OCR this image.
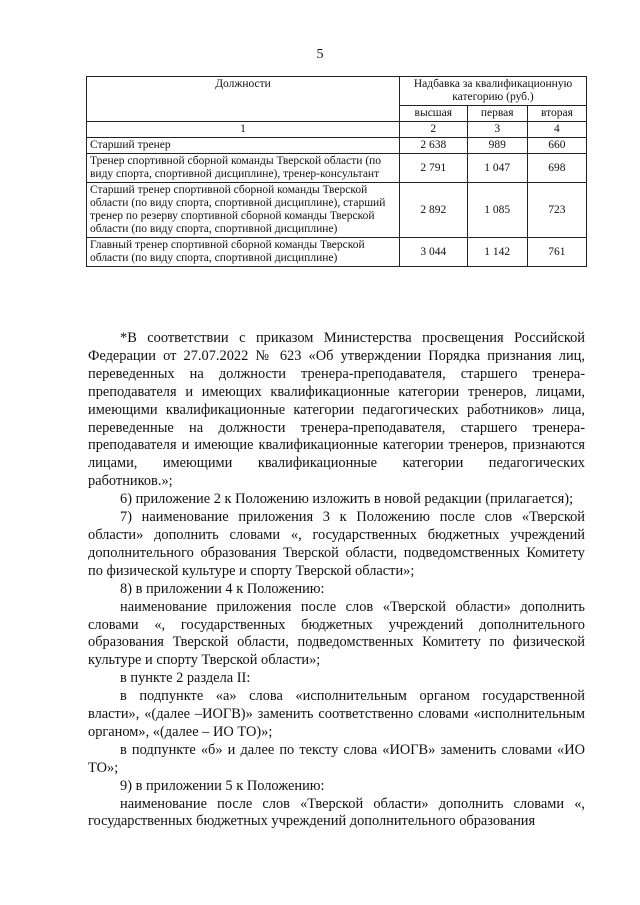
5
Должности	Надбавка за квалификационную категорию (руб.)		
	высшая	первая	вторая
1	2	3	4
Старший тренер	2 638	989	660
Тренер спортивной сборной команды Тверской области (по виду спорта, спортивной дисциплине), тренер-консультант	2 791	1 047	698
Старший тренер спортивной сборной команды Тверской области (по виду спорта, спортивной дисциплине), старший тренер по резерву спортивной сборной команды Тверской области (по виду спорта, спортивной дисциплине)	2 892	1 085	723
Главный тренер спортивной сборной команды Тверской области (по виду спорта, спортивной дисциплине)	3 044	1 142	761

*В соответствии с приказом Министерства просвещения Российской Федерации от 27.07.2022 № 623 «Об утверждении Порядка признания лиц, переведенных на должности тренера-преподавателя, старшего тренера-преподавателя и имеющих квалификационные категории тренеров, лицами, имеющими квалификационные категории педагогических работников» лица, переведенные на должности тренера-преподавателя, старшего тренера-преподавателя и имеющие квалификационные категории тренеров, признаются лицами, имеющими квалификационные категории педагогических работников.»;

6) приложение 2 к Положению изложить в новой редакции (прилагается);

7) наименование приложения 3 к Положению после слов «Тверской области» дополнить словами «, государственных бюджетных учреждений дополнительного образования Тверской области, подведомственных Комитету по физической культуре и спорту Тверской области»;

8) в приложении 4 к Положению:

наименование приложения после слов «Тверской области» дополнить словами «, государственных бюджетных учреждений дополнительного образования Тверской области, подведомственных Комитету по физической культуре и спорту Тверской области»;

в пункте 2 раздела II:

в подпункте «а» слова «исполнительным органом государственной власти», «(далее –ИОГВ)» заменить соответственно словами «исполнительным органом», «(далее – ИО ТО)»;

в подпункте «б» и далее по тексту слова «ИОГВ» заменить словами «ИО ТО»;

9) в приложении 5 к Положению:

наименование после слов «Тверской области» дополнить словами «, государственных бюджетных учреждений дополнительного образования
